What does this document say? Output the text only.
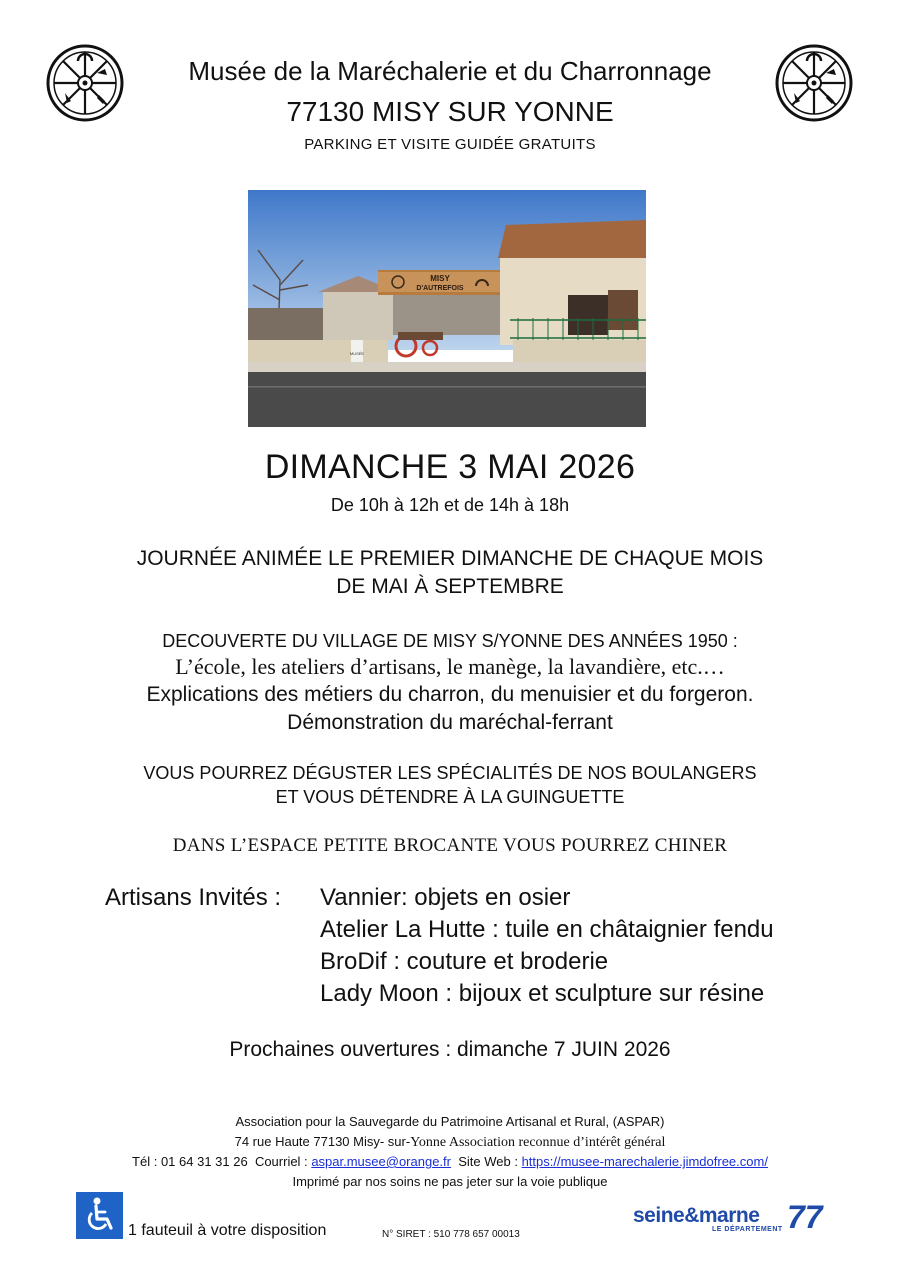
Musée de la Maréchalerie et du Charronnage
77130 MISY SUR YONNE
PARKING ET VISITE GUIDÉE GRATUITS
MISY
D'AUTREFOIS
MUSÉE
DIMANCHE 3 MAI 2026
De 10h à 12h et de 14h à 18h
JOURNÉE ANIMÉE LE PREMIER DIMANCHE DE CHAQUE MOIS
DE MAI À SEPTEMBRE
DECOUVERTE DU VILLAGE DE MISY S/YONNE DES ANNÉES 1950 :
L’école, les ateliers d’artisans, le manège, la lavandière, etc.…
Explications des métiers du charron, du menuisier et du forgeron.
Démonstration du maréchal-ferrant
VOUS POURREZ DÉGUSTER LES SPÉCIALITÉS DE NOS BOULANGERS
ET VOUS DÉTENDRE À LA GUINGUETTE
DANS L’ESPACE PETITE BROCANTE VOUS POURREZ CHINER
Artisans Invités : Vannier: objets en osier
Atelier La Hutte : tuile en châtaignier fendu
BroDif : couture et broderie
Lady Moon : bijoux et sculpture sur résine
Prochaines ouvertures : dimanche 7 JUIN 2026
Association pour la Sauvegarde du Patrimoine Artisanal et Rural, (ASPAR)
74 rue Haute 77130 Misy- sur-Yonne Association reconnue d’intérêt général
Tél : 01 64 31 31 26 Courriel : aspar.musee@orange.fr Site Web : https://musee-marechalerie.jimdofree.com/
Imprimé par nos soins ne pas jeter sur la voie publique
1 fauteuil à votre disposition	N° SIRET : 510 778 657 00013
seine&marne
LE DÉPARTEMENT 77
